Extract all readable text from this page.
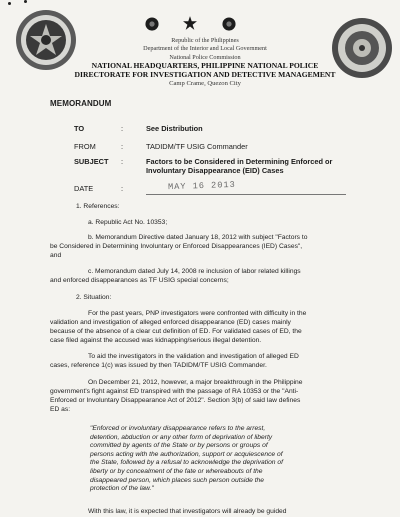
Republic of the Philippines
Department of the Interior and Local Government
National Police Commission
NATIONAL HEADQUARTERS, PHILIPPINE NATIONAL POLICE
DIRECTORATE FOR INVESTIGATION AND DETECTIVE MANAGEMENT
Camp Crame, Quezon City
MEMORANDUM
TO	:	See Distribution
FROM	:	TADIDM/TF USIG Commander
SUBJECT :	Factors to be Considered in Determining Enforced or
Involuntary Disappearance (EID) Cases
DATE	:	MAY 16 2013
1. References:
a. Republic Act No. 10353;
b. Memorandum Directive dated January 18, 2012 with subject "Factors to
be Considered in Determining Involuntary or Enforced Disappearances (IED) Cases",
and
c. Memorandum dated July 14, 2008 re inclusion of labor related killings
and enforced disappearances as TF USIG special concerns;
2. Situation:
For the past years, PNP investigators were confronted with difficulty in the
validation and investigation of alleged enforced disappearance (ED) cases mainly
because of the absence of a clear cut definition of ED. For validated cases of ED, the
case filed against the accused was kidnapping/serious illegal detention.
To aid the investigators in the validation and investigation of alleged ED
cases, reference 1(c) was issued by then TADIDM/TF USIG Commander.
On December 21, 2012, however, a major breakthrough in the Philippine
government's fight against ED transpired with the passage of RA 10353 or the "Anti-
Enforced or Involuntary Disappearance Act of 2012". Section 3(b) of said law defines
ED as:
"Enforced or involuntary disappearance refers to the arrest,
detention, abduction or any other form of deprivation of liberty
committed by agents of the State or by persons or groups of
persons acting with the authorization, support or acquiescence of
the State, followed by a refusal to acknowledge the deprivation of
liberty or by concealment of the fate or whereabouts of the
disappeared person, which places such person outside the
protection of the law."
With this law, it is expected that investigators will already be guided
